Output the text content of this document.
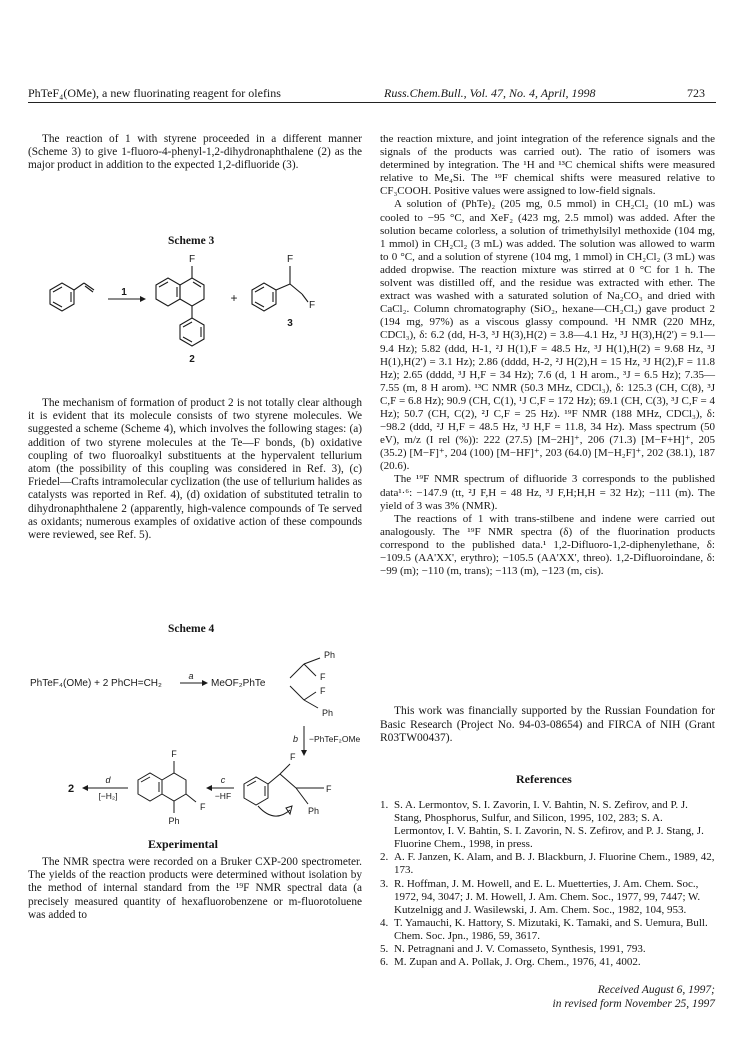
PhTeF₄(OMe), a new fluorinating reagent for olefins	Russ.Chem.Bull., Vol. 47, No. 4, April, 1998	723

The reaction of 1 with styrene proceeded in a different manner (Scheme 3) to give 1-fluoro-4-phenyl-1,2-dihydronaphthalene (2) as the major product in addition to the expected 1,2-difluoride (3).

Scheme 3
1
F
2
+
F
F
3

The mechanism of formation of product 2 is not totally clear although it is evident that its molecule consists of two styrene molecules. We suggested a scheme (Scheme 4), which involves the following stages: (a) addition of two styrene molecules at the Te—F bonds, (b) oxidative coupling of two fluoroalkyl substituents at the hypervalent tellurium atom (the possibility of this coupling was considered in Ref. 3), (c) Friedel—Crafts intramolecular cyclization (the use of tellurium halides as catalysts was reported in Ref. 4), (d) oxidation of substituted tetralin to dihydronaphthalene 2 (apparently, high-valence compounds of Te served as oxidants; numerous examples of oxidative action of these compounds were reviewed, see Ref. 5).

Scheme 4
PhTeF₄(OMe) + 2 PhCH=CH₂
a
MeOF₂PhTe
Ph
F
F
Ph
b −PhTeF₂OMe
F
F
Ph
c
−HF
F
F
Ph
d
[−H₂]
2
Experimental

The NMR spectra were recorded on a Bruker CXP-200 spectrometer. The yields of the reaction products were determined without isolation by the method of internal standard from the ¹⁹F NMR spectral data (a precisely measured quantity of hexafluorobenzene or m-fluorotoluene was added to

the reaction mixture, and joint integration of the reference signals and the signals of the products was carried out). The ratio of isomers was determined by integration. The ¹H and ¹³C chemical shifts were measured relative to Me₄Si. The ¹⁹F chemical shifts were measured relative to CF₃COOH. Positive values were assigned to low-field signals.

A solution of (PhTe)₂ (205 mg, 0.5 mmol) in CH₂Cl₂ (10 mL) was cooled to −95 °C, and XeF₂ (423 mg, 2.5 mmol) was added. After the solution became colorless, a solution of trimethylsilyl methoxide (104 mg, 1 mmol) in CH₂Cl₂ (3 mL) was added. The solution was allowed to warm to 0 °C, and a solution of styrene (104 mg, 1 mmol) in CH₂Cl₂ (3 mL) was added dropwise. The reaction mixture was stirred at 0 °C for 1 h. The solvent was distilled off, and the residue was extracted with ether. The extract was washed with a saturated solution of Na₂CO₃ and dried with CaCl₂. Column chromatography (SiO₂, hexane—CH₂Cl₂) gave product 2 (194 mg, 97%) as a viscous glassy compound. ¹H NMR (220 MHz, CDCl₃), δ: 6.2 (dd, H-3, ³J H(3),H(2) = 3.8—4.1 Hz, ³J H(3),H(2') = 9.1—9.4 Hz); 5.82 (ddd, H-1, ²J H(1),F = 48.5 Hz, ³J H(1),H(2) = 9.68 Hz, ³J H(1),H(2') = 3.1 Hz); 2.86 (dddd, H-2, ²J H(2),H = 15 Hz, ³J H(2),F = 11.8 Hz); 2.65 (dddd, ³J H,F = 34 Hz); 7.6 (d, 1 H arom., ³J = 6.5 Hz); 7.35—7.55 (m, 8 H arom). ¹³C NMR (50.3 MHz, CDCl₃), δ: 125.3 (CH, C(8), ³J C,F = 6.8 Hz); 90.9 (CH, C(1), ¹J C,F = 172 Hz); 69.1 (CH, C(3), ³J C,F = 4 Hz); 50.7 (CH, C(2), ²J C,F = 25 Hz). ¹⁹F NMR (188 MHz, CDCl₃), δ: −98.2 (ddd, ²J H,F = 48.5 Hz, ³J H,F = 11.8, 34 Hz). Mass spectrum (50 eV), m/z (I rel (%)): 222 (27.5) [M−2H]⁺, 206 (71.3) [M−F+H]⁺, 205 (35.2) [M−F]⁺, 204 (100) [M−HF]⁺, 203 (64.0) [M−H₂F]⁺, 202 (38.1), 187 (20.6).

The ¹⁹F NMR spectrum of difluoride 3 corresponds to the published data¹·⁶: −147.9 (tt, ²J F,H = 48 Hz, ³J F,H;H,H = 32 Hz); −111 (m). The yield of 3 was 3% (NMR).

The reactions of 1 with trans-stilbene and indene were carried out analogously. The ¹⁹F NMR spectra (δ) of the fluorination products correspond to the published data.¹ 1,2-Difluoro-1,2-diphenylethane, δ: −109.5 (AA'XX', erythro); −105.5 (AA'XX', threo). 1,2-Difluoroindane, δ: −99 (m); −110 (m, trans); −113 (m), −123 (m, cis).

This work was financially supported by the Russian Foundation for Basic Research (Project No. 94-03-08654) and FIRCA of NIH (Grant R03TW00437).

References
1. S. A. Lermontov, S. I. Zavorin, I. V. Bahtin, N. S. Zefirov, and P. J. Stang, Phosphorus, Sulfur, and Silicon, 1995, 102, 283; S. A. Lermontov, I. V. Bahtin, S. I. Zavorin, N. S. Zefirov, and P. J. Stang, J. Fluorine Chem., 1998, in press.
2. A. F. Janzen, K. Alam, and B. J. Blackburn, J. Fluorine Chem., 1989, 42, 173.
3. R. Hoffman, J. M. Howell, and E. L. Muetterties, J. Am. Chem. Soc., 1972, 94, 3047; J. M. Howell, J. Am. Chem. Soc., 1977, 99, 7447; W. Kutzelnigg and J. Wasilewski, J. Am. Chem. Soc., 1982, 104, 953.
4. T. Yamauchi, K. Hattory, S. Mizutaki, K. Tamaki, and S. Uemura, Bull. Chem. Soc. Jpn., 1986, 59, 3617.
5. N. Petragnani and J. V. Comasseto, Synthesis, 1991, 793.
6. M. Zupan and A. Pollak, J. Org. Chem., 1976, 41, 4002.
Received August 6, 1997;
in revised form November 25, 1997
